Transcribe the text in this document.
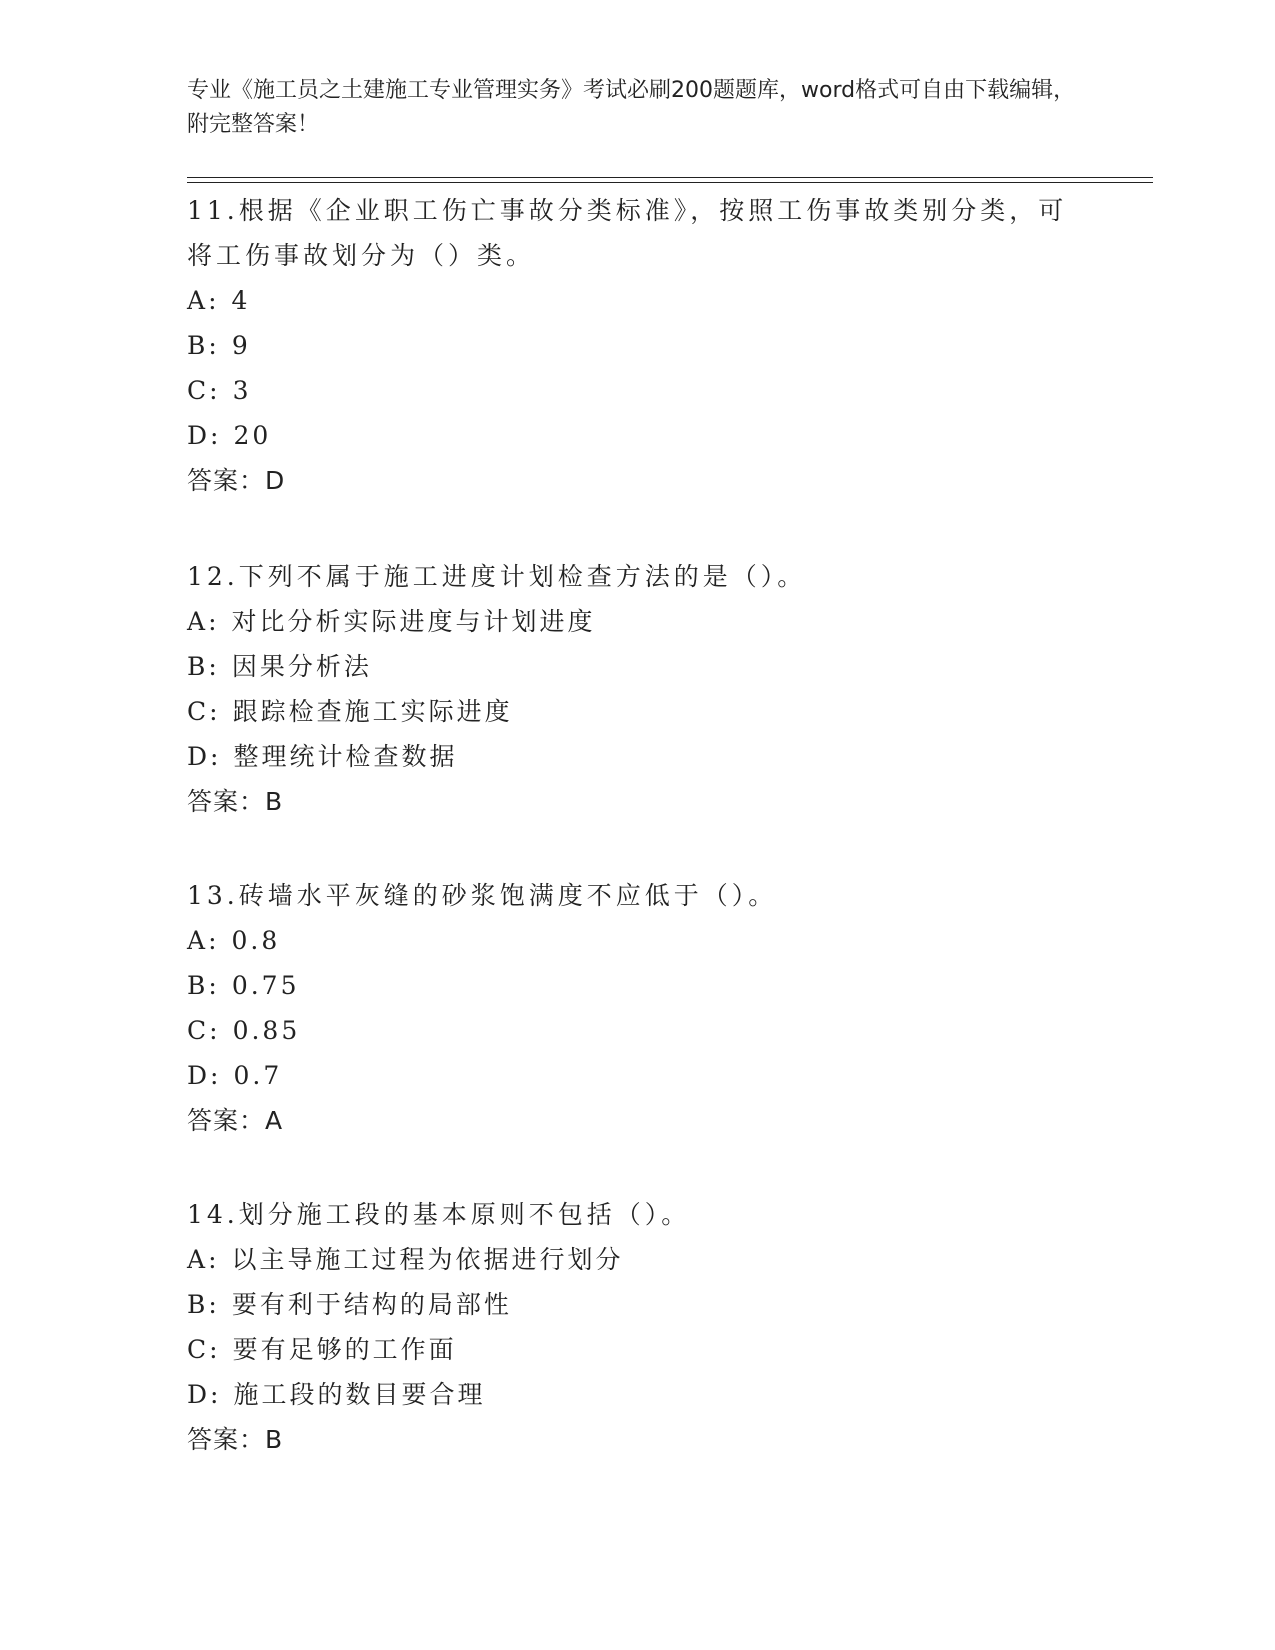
专业《施工员之土建施工专业管理实务》考试必刷200题题库，word格式可自由下载编辑，附完整答案！

11.根据《企业职工伤亡事故分类标准》，按照工伤事故类别分类，可将工伤事故划分为（）类。

A: 4
B: 9
C: 3
D: 20
答案：D

12.下列不属于施工进度计划检查方法的是（）。

A: 对比分析实际进度与计划进度
B: 因果分析法
C: 跟踪检查施工实际进度
D: 整理统计检查数据
答案：B

13.砖墙水平灰缝的砂浆饱满度不应低于（）。

A: 0.8
B: 0.75
C: 0.85
D: 0.7
答案：A

14.划分施工段的基本原则不包括（）。

A: 以主导施工过程为依据进行划分
B: 要有利于结构的局部性
C: 要有足够的工作面
D: 施工段的数目要合理
答案：B
